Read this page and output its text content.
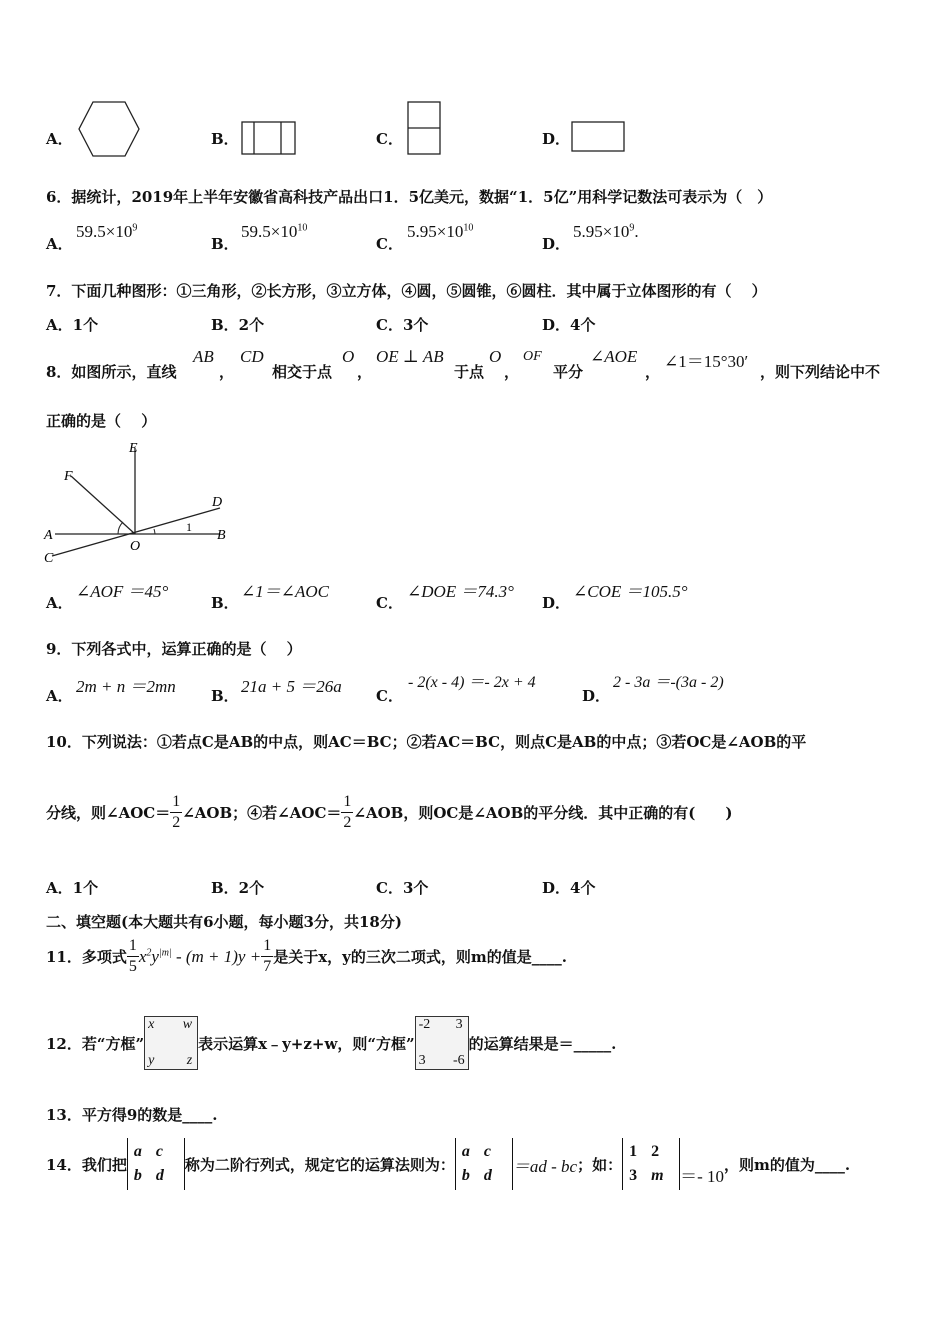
A．	B．	C．	D．
6．据统计，2019年上半年安徽省高科技产品出口1．5亿美元，数据“1．5亿”用科学记数法可表示为（　）
A．
$59.5\times 10^9$
B．
$59.5\times 10^{10}$
C．
$5.95\times 10^{10}$
D．
$5.95\times 10^9$.
7．下面几种图形：①三角形，②长方形，③立方体，④圆，⑤圆锥，⑥圆柱．其中属于立体图形的有（　 ）
A．1个	B．2个	C．3个	D．4个
8．如图所示，直线
AB
，
CD
相交于点
O
，
OE ⊥ AB
于点
O
，
OF
平分
∠AOE
，
∠1＝15°30′
，则下列结论中不
正确的是（　 ）
E
F
D
A	B
C
O
1
A．
∠AOF ＝45°
B．
∠1＝∠AOC
C．
∠DOE ＝74.3°
D．
∠COE ＝105.5°
9．下列各式中，运算正确的是（　 ）
A． 2m + n ＝2mn B． 21a + 5 ＝26a C．
- 2(x - 4) ＝- 2x + 4
D．
2 - 3a ＝-(3a - 2)
10．下列说法：①若点C是AB的中点，则AC＝BC；②若AC＝BC，则点C是AB的中点；③若OC是∠AOB的平
分线，则∠AOC＝ $\frac{1}{2}$ ∠AOB；④若∠AOC＝ $\frac{1}{2}$ ∠AOB，则OC是∠AOB的平分线．其中正确的有(　　)
A．1个	B．2个	C．3个	D．4个
二、填空题(本大题共有6小题，每小题3分，共18分)
11．多项式 $\frac{1}{5} x^2y^{|m|} - (m + 1)y + \frac{1}{7}$ 是关于x，y的三次二项式，则m的值是____.
12．若“方框”
x w
y z
表示运算x﹣y+z+w，则“方框”
-2 3
3 -6
的运算结果是＝_____.
13．平方得9的数是____.
14．我们把
a c
b d
称为二阶行列式，规定它的运算法则为：
a c
b d	＝ad - bc ；如：
1 2
3 m ＝- 10
，则m的值为____.
